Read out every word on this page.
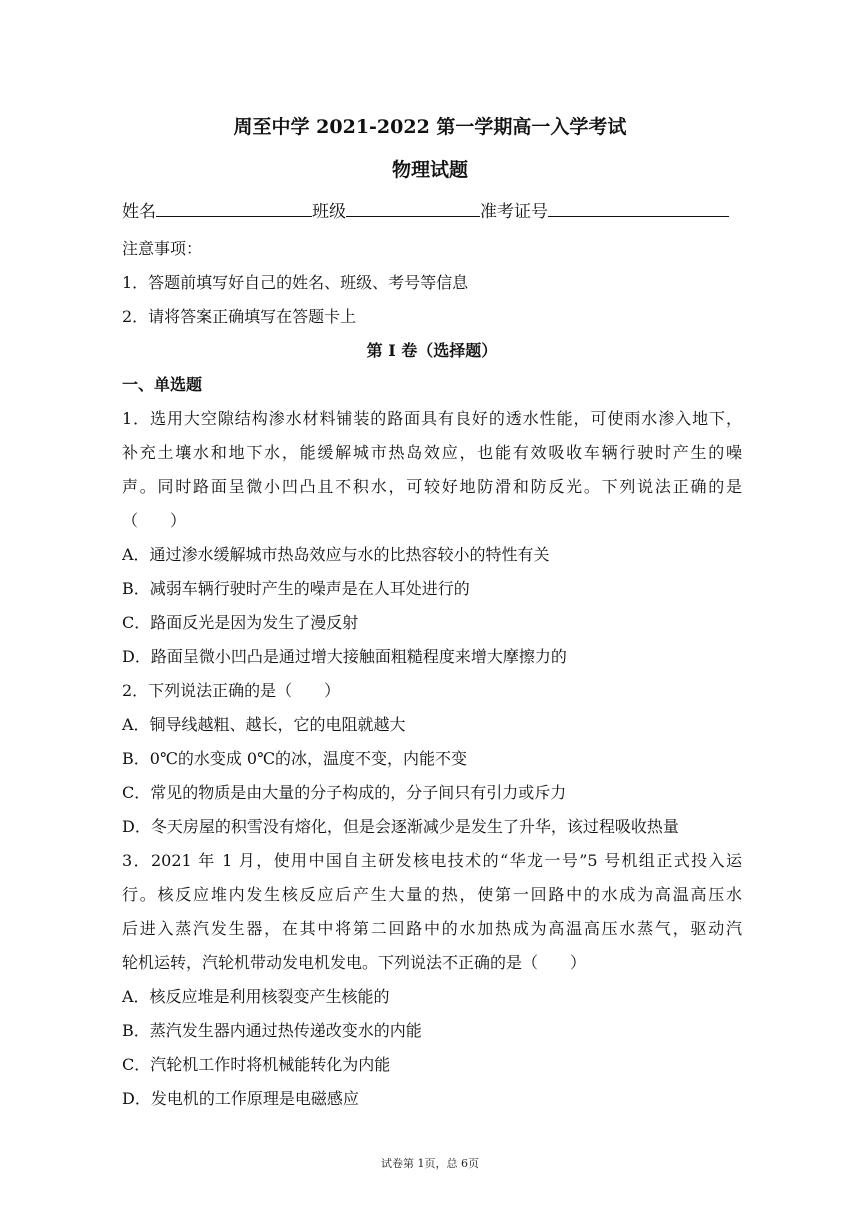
周至中学 2021-2022 第一学期高一入学考试
物理试题
姓名	班级	准考证号
注意事项：
1．答题前填写好自己的姓名、班级、考号等信息
2．请将答案正确填写在答题卡上
第 I 卷（选择题）
一、单选题
1．选用大空隙结构渗水材料铺装的路面具有良好的透水性能，可使雨水渗入地下，
补充土壤水和地下水，能缓解城市热岛效应，也能有效吸收车辆行驶时产生的噪
声。同时路面呈微小凹凸且不积水，可较好地防滑和防反光。下列说法正确的是
（　　）
A．通过渗水缓解城市热岛效应与水的比热容较小的特性有关
B．减弱车辆行驶时产生的噪声是在人耳处进行的
C．路面反光是因为发生了漫反射
D．路面呈微小凹凸是通过增大接触面粗糙程度来增大摩擦力的
2．下列说法正确的是（　　）
A．铜导线越粗、越长，它的电阻就越大
B．0℃的水变成 0℃的冰，温度不变，内能不变
C．常见的物质是由大量的分子构成的，分子间只有引力或斥力
D．冬天房屋的积雪没有熔化，但是会逐渐减少是发生了升华，该过程吸收热量
3．2021 年 1 月，使用中国自主研发核电技术的“华龙一号”5 号机组正式投入运
行。核反应堆内发生核反应后产生大量的热，使第一回路中的水成为高温高压水
后进入蒸汽发生器，在其中将第二回路中的水加热成为高温高压水蒸气，驱动汽
轮机运转，汽轮机带动发电机发电。下列说法不正确的是（　　）
A．核反应堆是利用核裂变产生核能的
B．蒸汽发生器内通过热传递改变水的内能
C．汽轮机工作时将机械能转化为内能
D．发电机的工作原理是电磁感应
试卷第 1页，总 6页
